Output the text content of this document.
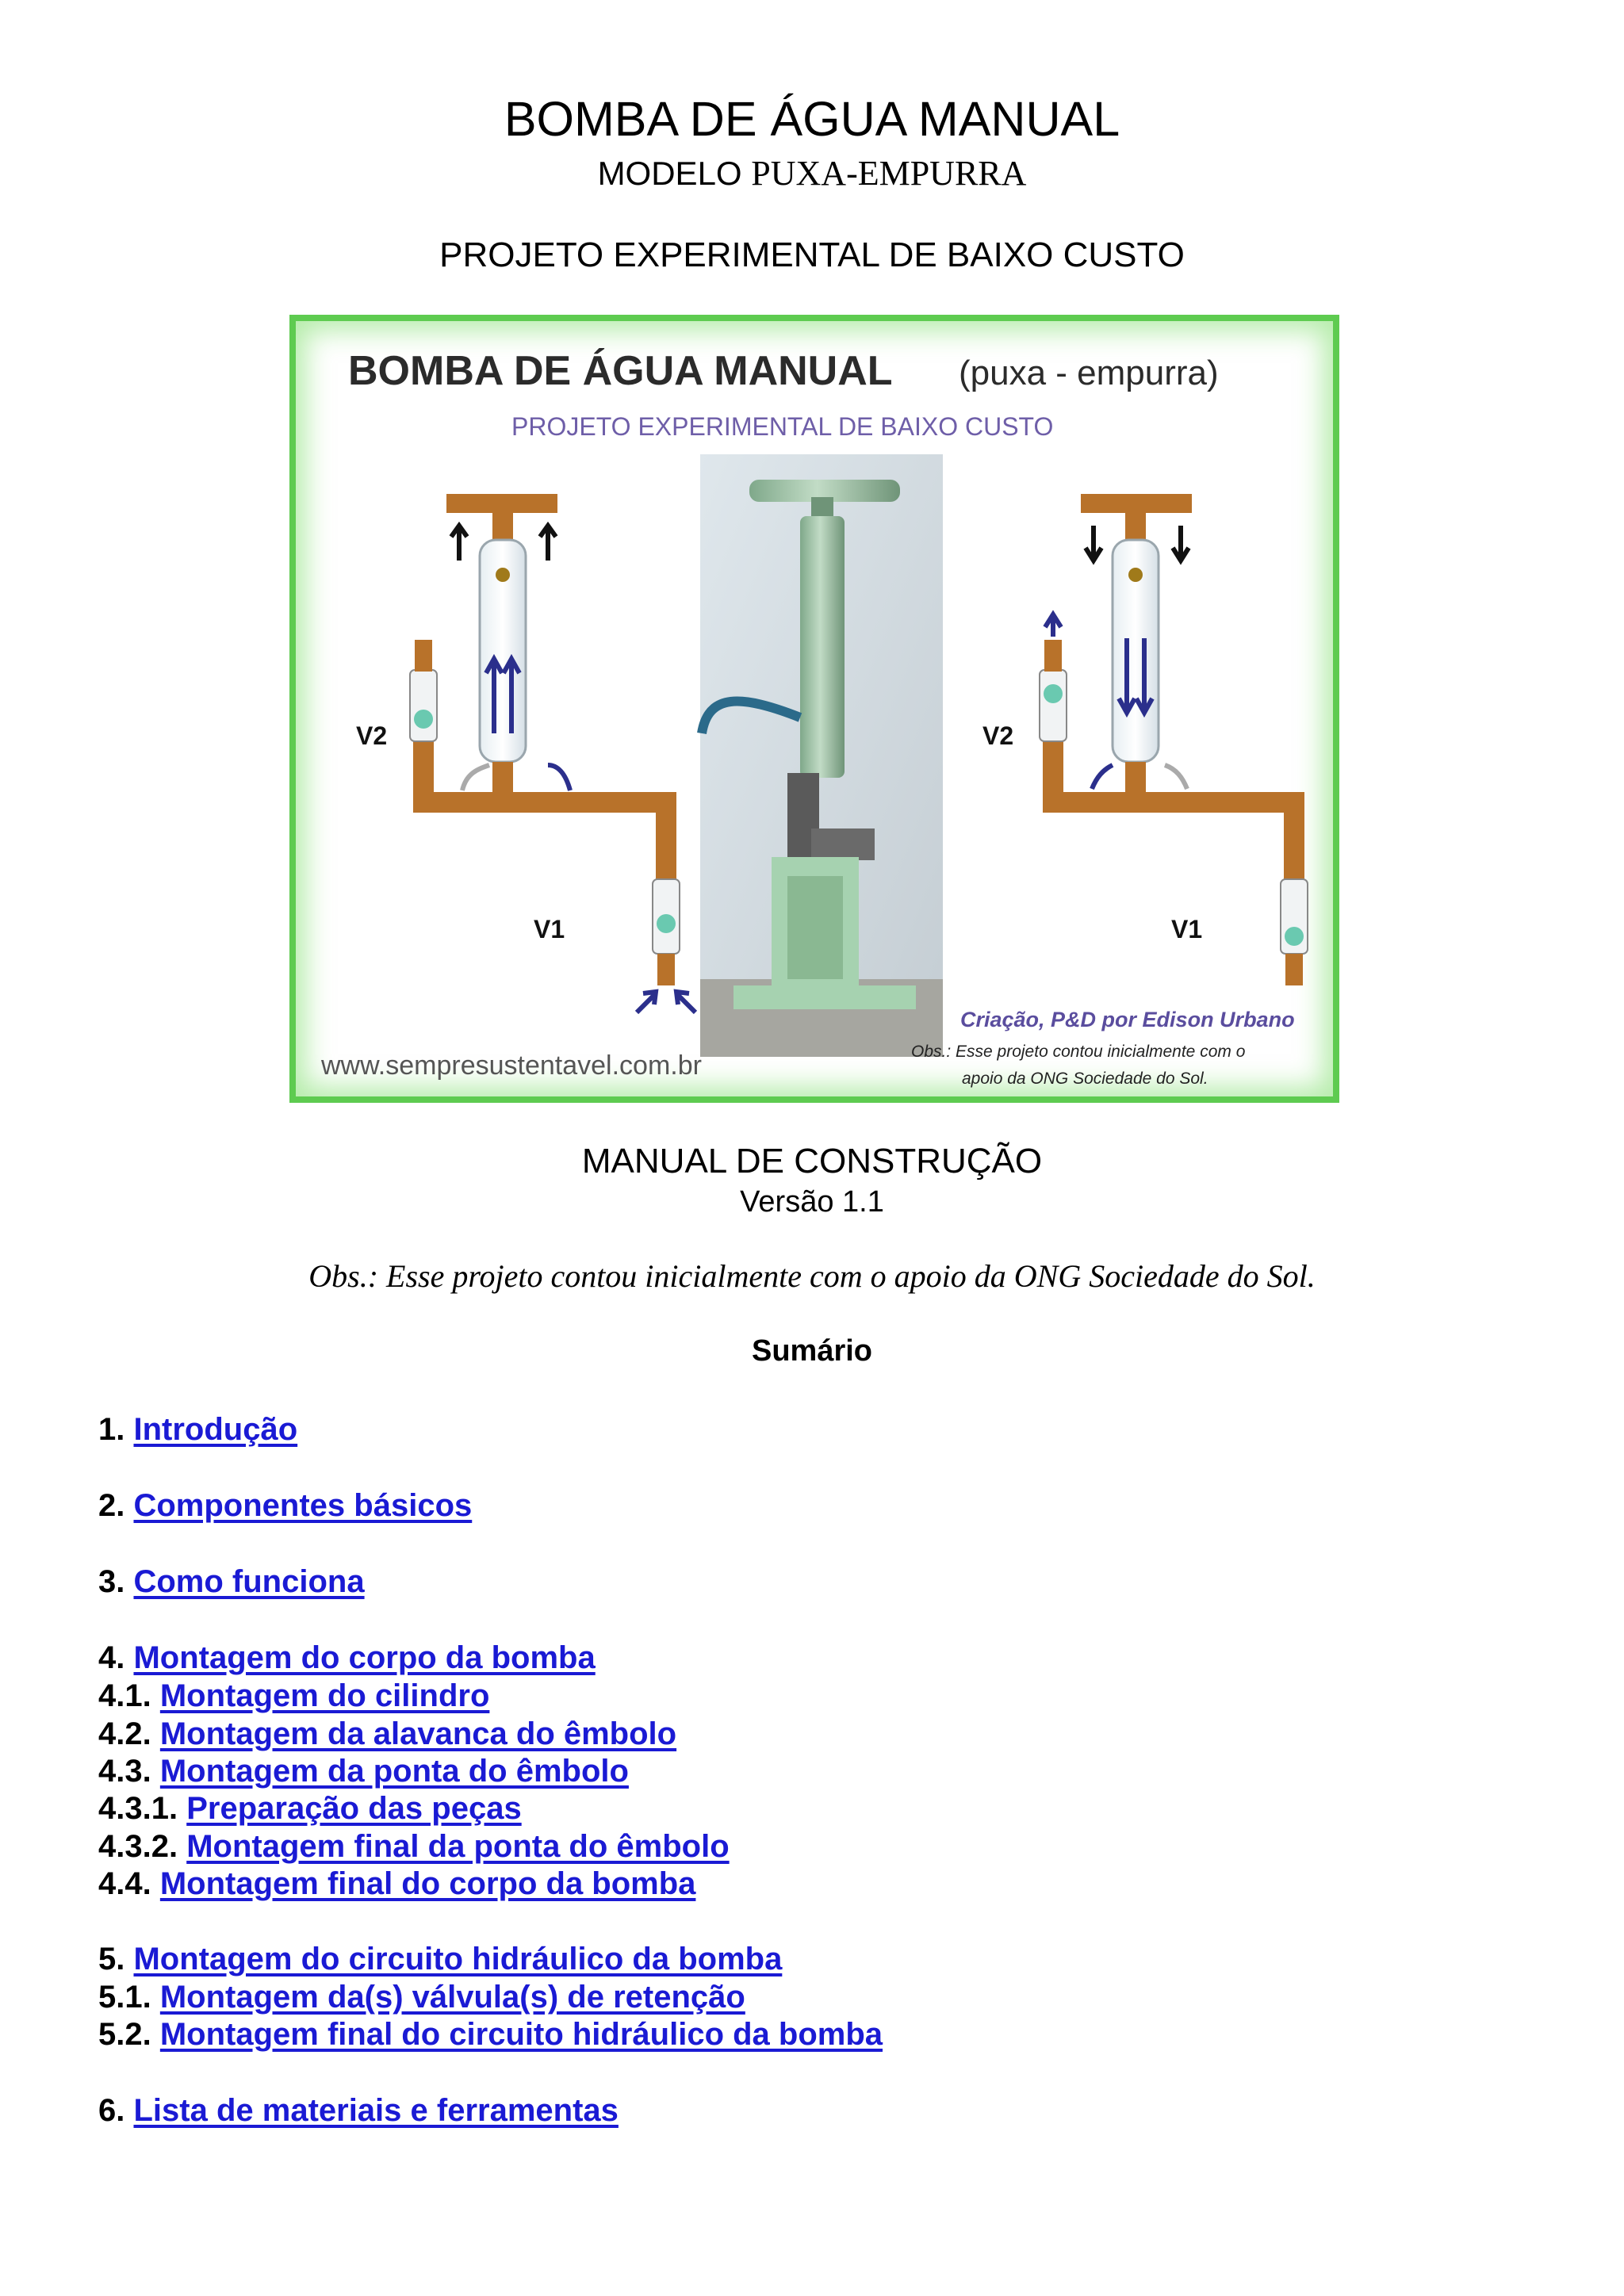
BOMBA DE ÁGUA MANUAL
MODELO PUXA-EMPURRA
PROJETO EXPERIMENTAL DE BAIXO CUSTO
BOMBA DE ÁGUA MANUAL (puxa - empurra)
PROJETO EXPERIMENTAL DE BAIXO CUSTO
V2
V1	V1
V2
Criação, P&D por Edison Urbano
Obs.: Esse projeto contou inicialmente com o
apoio da ONG Sociedade do Sol.
www.sempresustentavel.com.br
MANUAL DE CONSTRUÇÃO
Versão 1.1
Obs.: Esse projeto contou inicialmente com o apoio da ONG Sociedade do Sol.
Sumário
1. Introdução
2. Componentes básicos
3. Como funciona
4. Montagem do corpo da bomba
4.1. Montagem do cilindro
4.2. Montagem da alavanca do êmbolo
4.3. Montagem da ponta do êmbolo
4.3.1. Preparação das peças
4.3.2. Montagem final da ponta do êmbolo
4.4. Montagem final do corpo da bomba
5. Montagem do circuito hidráulico da bomba
5.1. Montagem da(s) válvula(s) de retenção
5.2. Montagem final do circuito hidráulico da bomba
6. Lista de materiais e ferramentas
